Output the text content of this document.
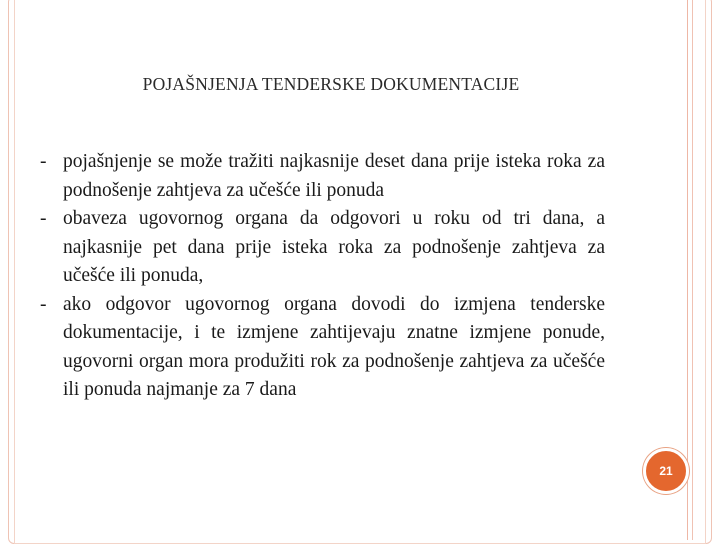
POJAŠNJENJA TENDERSKE DOKUMENTACIJE
- pojašnjenje se može tražiti najkasnije deset dana prije isteka roka za podnošenje zahtjeva za učešće ili ponuda
- obaveza ugovornog organa da odgovori u roku od tri dana, a najkasnije pet dana prije isteka roka za podnošenje zahtjeva za učešće ili ponuda,
- ako odgovor ugovornog organa dovodi do izmjena tenderske dokumentacije, i te izmjene zahtijevaju znatne izmjene ponude, ugovorni organ mora produžiti rok za podnošenje zahtjeva za učešće ili ponuda najmanje za 7 dana
21
